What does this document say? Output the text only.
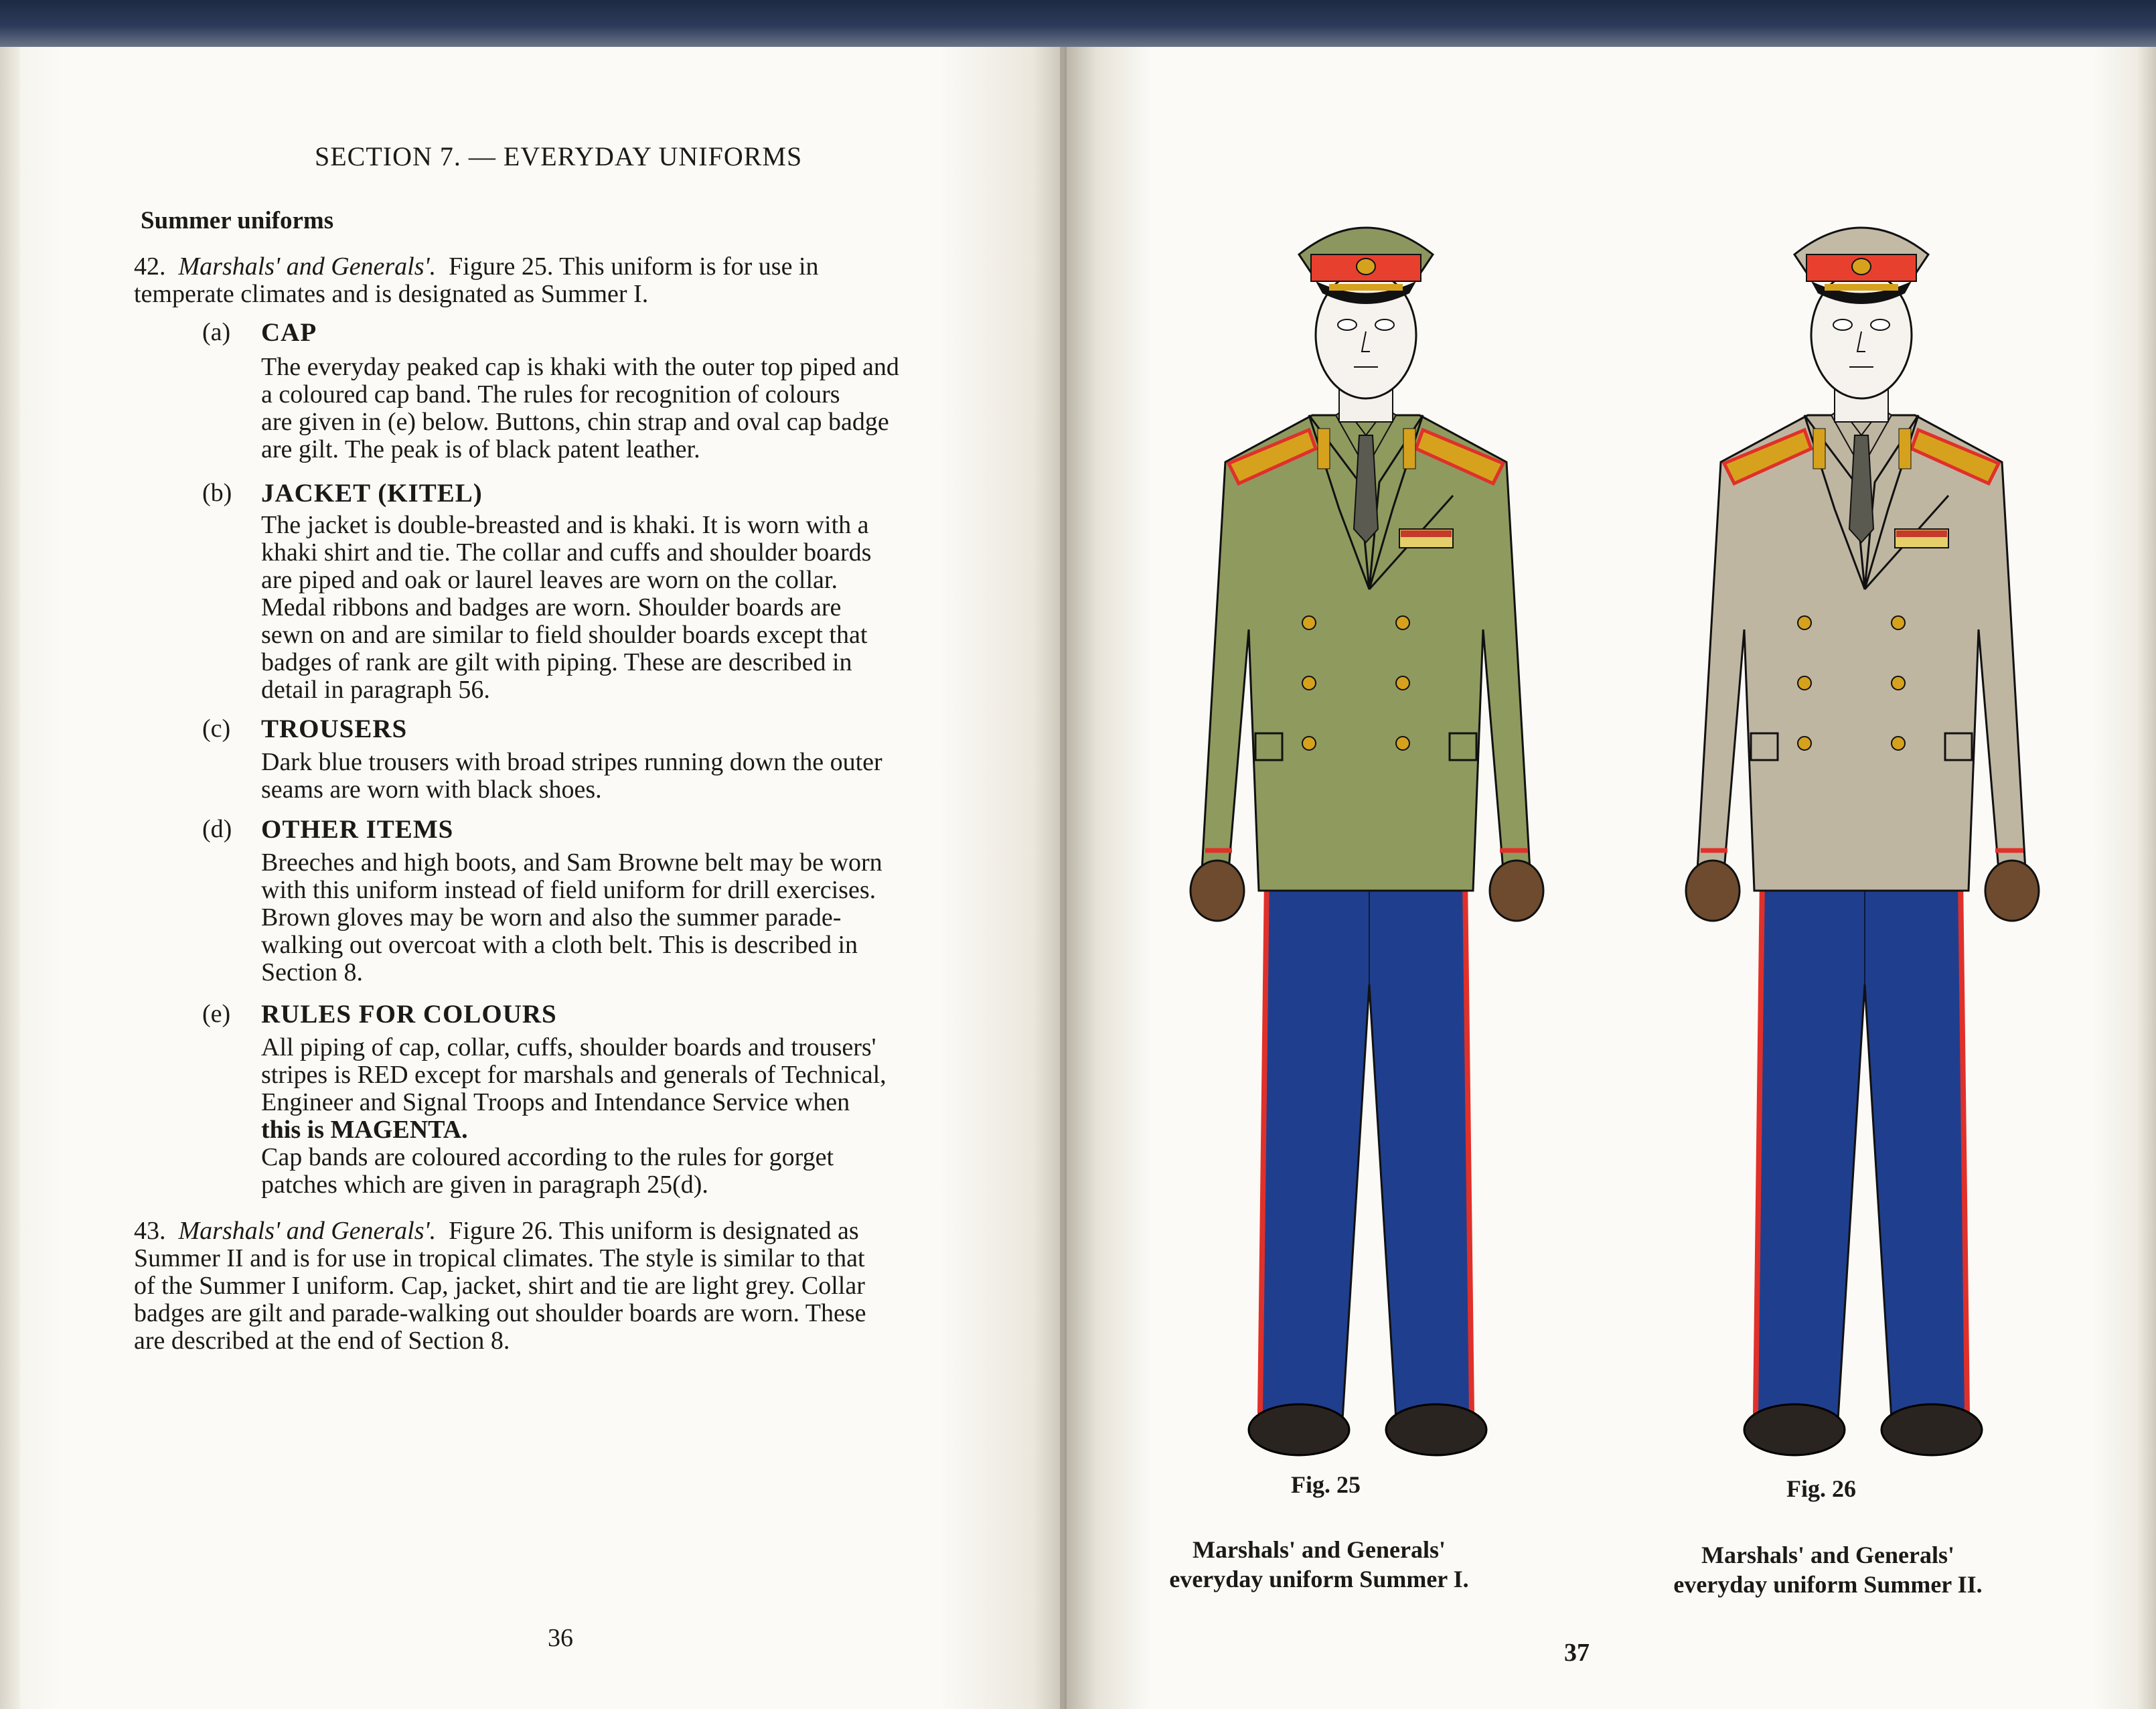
SECTION 7. — EVERYDAY UNIFORMS
Summer uniforms
42. Marshals' and Generals'. Figure 25. This uniform is for use in
temperate climates and is designated as Summer I.
(a) CAP
The everyday peaked cap is khaki with the outer top piped and
a coloured cap band. The rules for recognition of colours
are given in (e) below. Buttons, chin strap and oval cap badge
are gilt. The peak is of black patent leather.
(b) JACKET (KITEL)
The jacket is double-breasted and is khaki. It is worn with a
khaki shirt and tie. The collar and cuffs and shoulder boards
are piped and oak or laurel leaves are worn on the collar.
Medal ribbons and badges are worn. Shoulder boards are
sewn on and are similar to field shoulder boards except that
badges of rank are gilt with piping. These are described in
detail in paragraph 56.
(c) TROUSERS
Dark blue trousers with broad stripes running down the outer
seams are worn with black shoes.
(d) OTHER ITEMS
Breeches and high boots, and Sam Browne belt may be worn
with this uniform instead of field uniform for drill exercises.
Brown gloves may be worn and also the summer parade-
walking out overcoat with a cloth belt. This is described in
Section 8.
(e) RULES FOR COLOURS
All piping of cap, collar, cuffs, shoulder boards and trousers'
stripes is RED except for marshals and generals of Technical,
Engineer and Signal Troops and Intendance Service when
this is MAGENTA.
Cap bands are coloured according to the rules for gorget
patches which are given in paragraph 25(d).
43. Marshals' and Generals'. Figure 26. This uniform is designated as
Summer II and is for use in tropical climates. The style is similar to that
of the Summer I uniform. Cap, jacket, shirt and tie are light grey. Collar
badges are gilt and parade-walking out shoulder boards are worn. These
are described at the end of Section 8.
36
Fig. 25
Marshals' and Generals'
everyday uniform Summer I.
Fig. 26
Marshals' and Generals'
everyday uniform Summer II.
37
